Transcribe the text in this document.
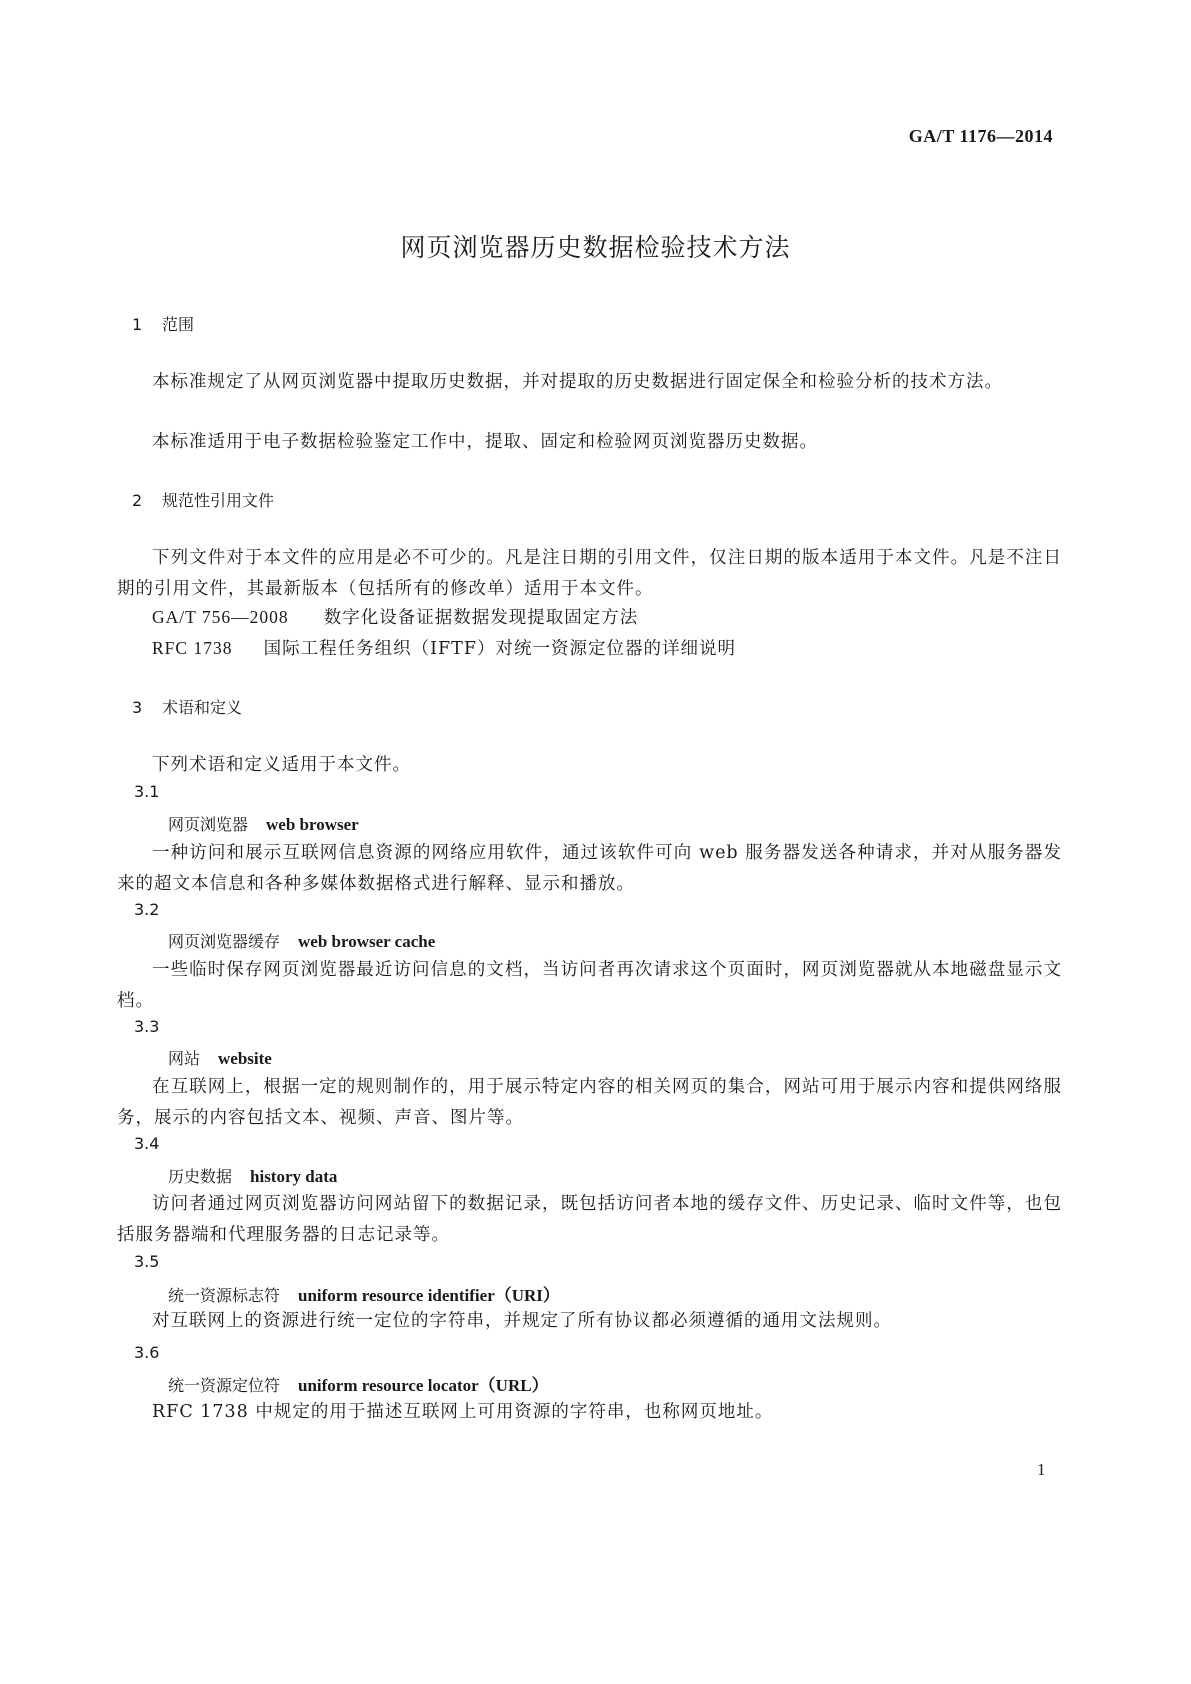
GA/T 1176—2014
网页浏览器历史数据检验技术方法
1 范围
本标准规定了从网页浏览器中提取历史数据，并对提取的历史数据进行固定保全和检验分析的技术方法。
本标准适用于电子数据检验鉴定工作中，提取、固定和检验网页浏览器历史数据。
2 规范性引用文件
下列文件对于本文件的应用是必不可少的。凡是注日期的引用文件，仅注日期的版本适用于本文件。凡是不注日期的引用文件，其最新版本（包括所有的修改单）适用于本文件。
GA/T 756—2008 数字化设备证据数据发现提取固定方法
RFC 1738 国际工程任务组织（IFTF）对统一资源定位器的详细说明
3 术语和定义
下列术语和定义适用于本文件。
3.1
网页浏览器 web browser
一种访问和展示互联网信息资源的网络应用软件，通过该软件可向 web 服务器发送各种请求，并对从服务器发来的超文本信息和各种多媒体数据格式进行解释、显示和播放。
3.2
网页浏览器缓存 web browser cache
一些临时保存网页浏览器最近访问信息的文档，当访问者再次请求这个页面时，网页浏览器就从本地磁盘显示文档。
3.3
网站 website
在互联网上，根据一定的规则制作的，用于展示特定内容的相关网页的集合，网站可用于展示内容和提供网络服务，展示的内容包括文本、视频、声音、图片等。
3.4
历史数据 history data
访问者通过网页浏览器访问网站留下的数据记录，既包括访问者本地的缓存文件、历史记录、临时文件等，也包括服务器端和代理服务器的日志记录等。
3.5
统一资源标志符 uniform resource identifier（URI）
对互联网上的资源进行统一定位的字符串，并规定了所有协议都必须遵循的通用文法规则。
3.6
统一资源定位符 uniform resource locator（URL）
RFC 1738 中规定的用于描述互联网上可用资源的字符串，也称网页地址。
1
